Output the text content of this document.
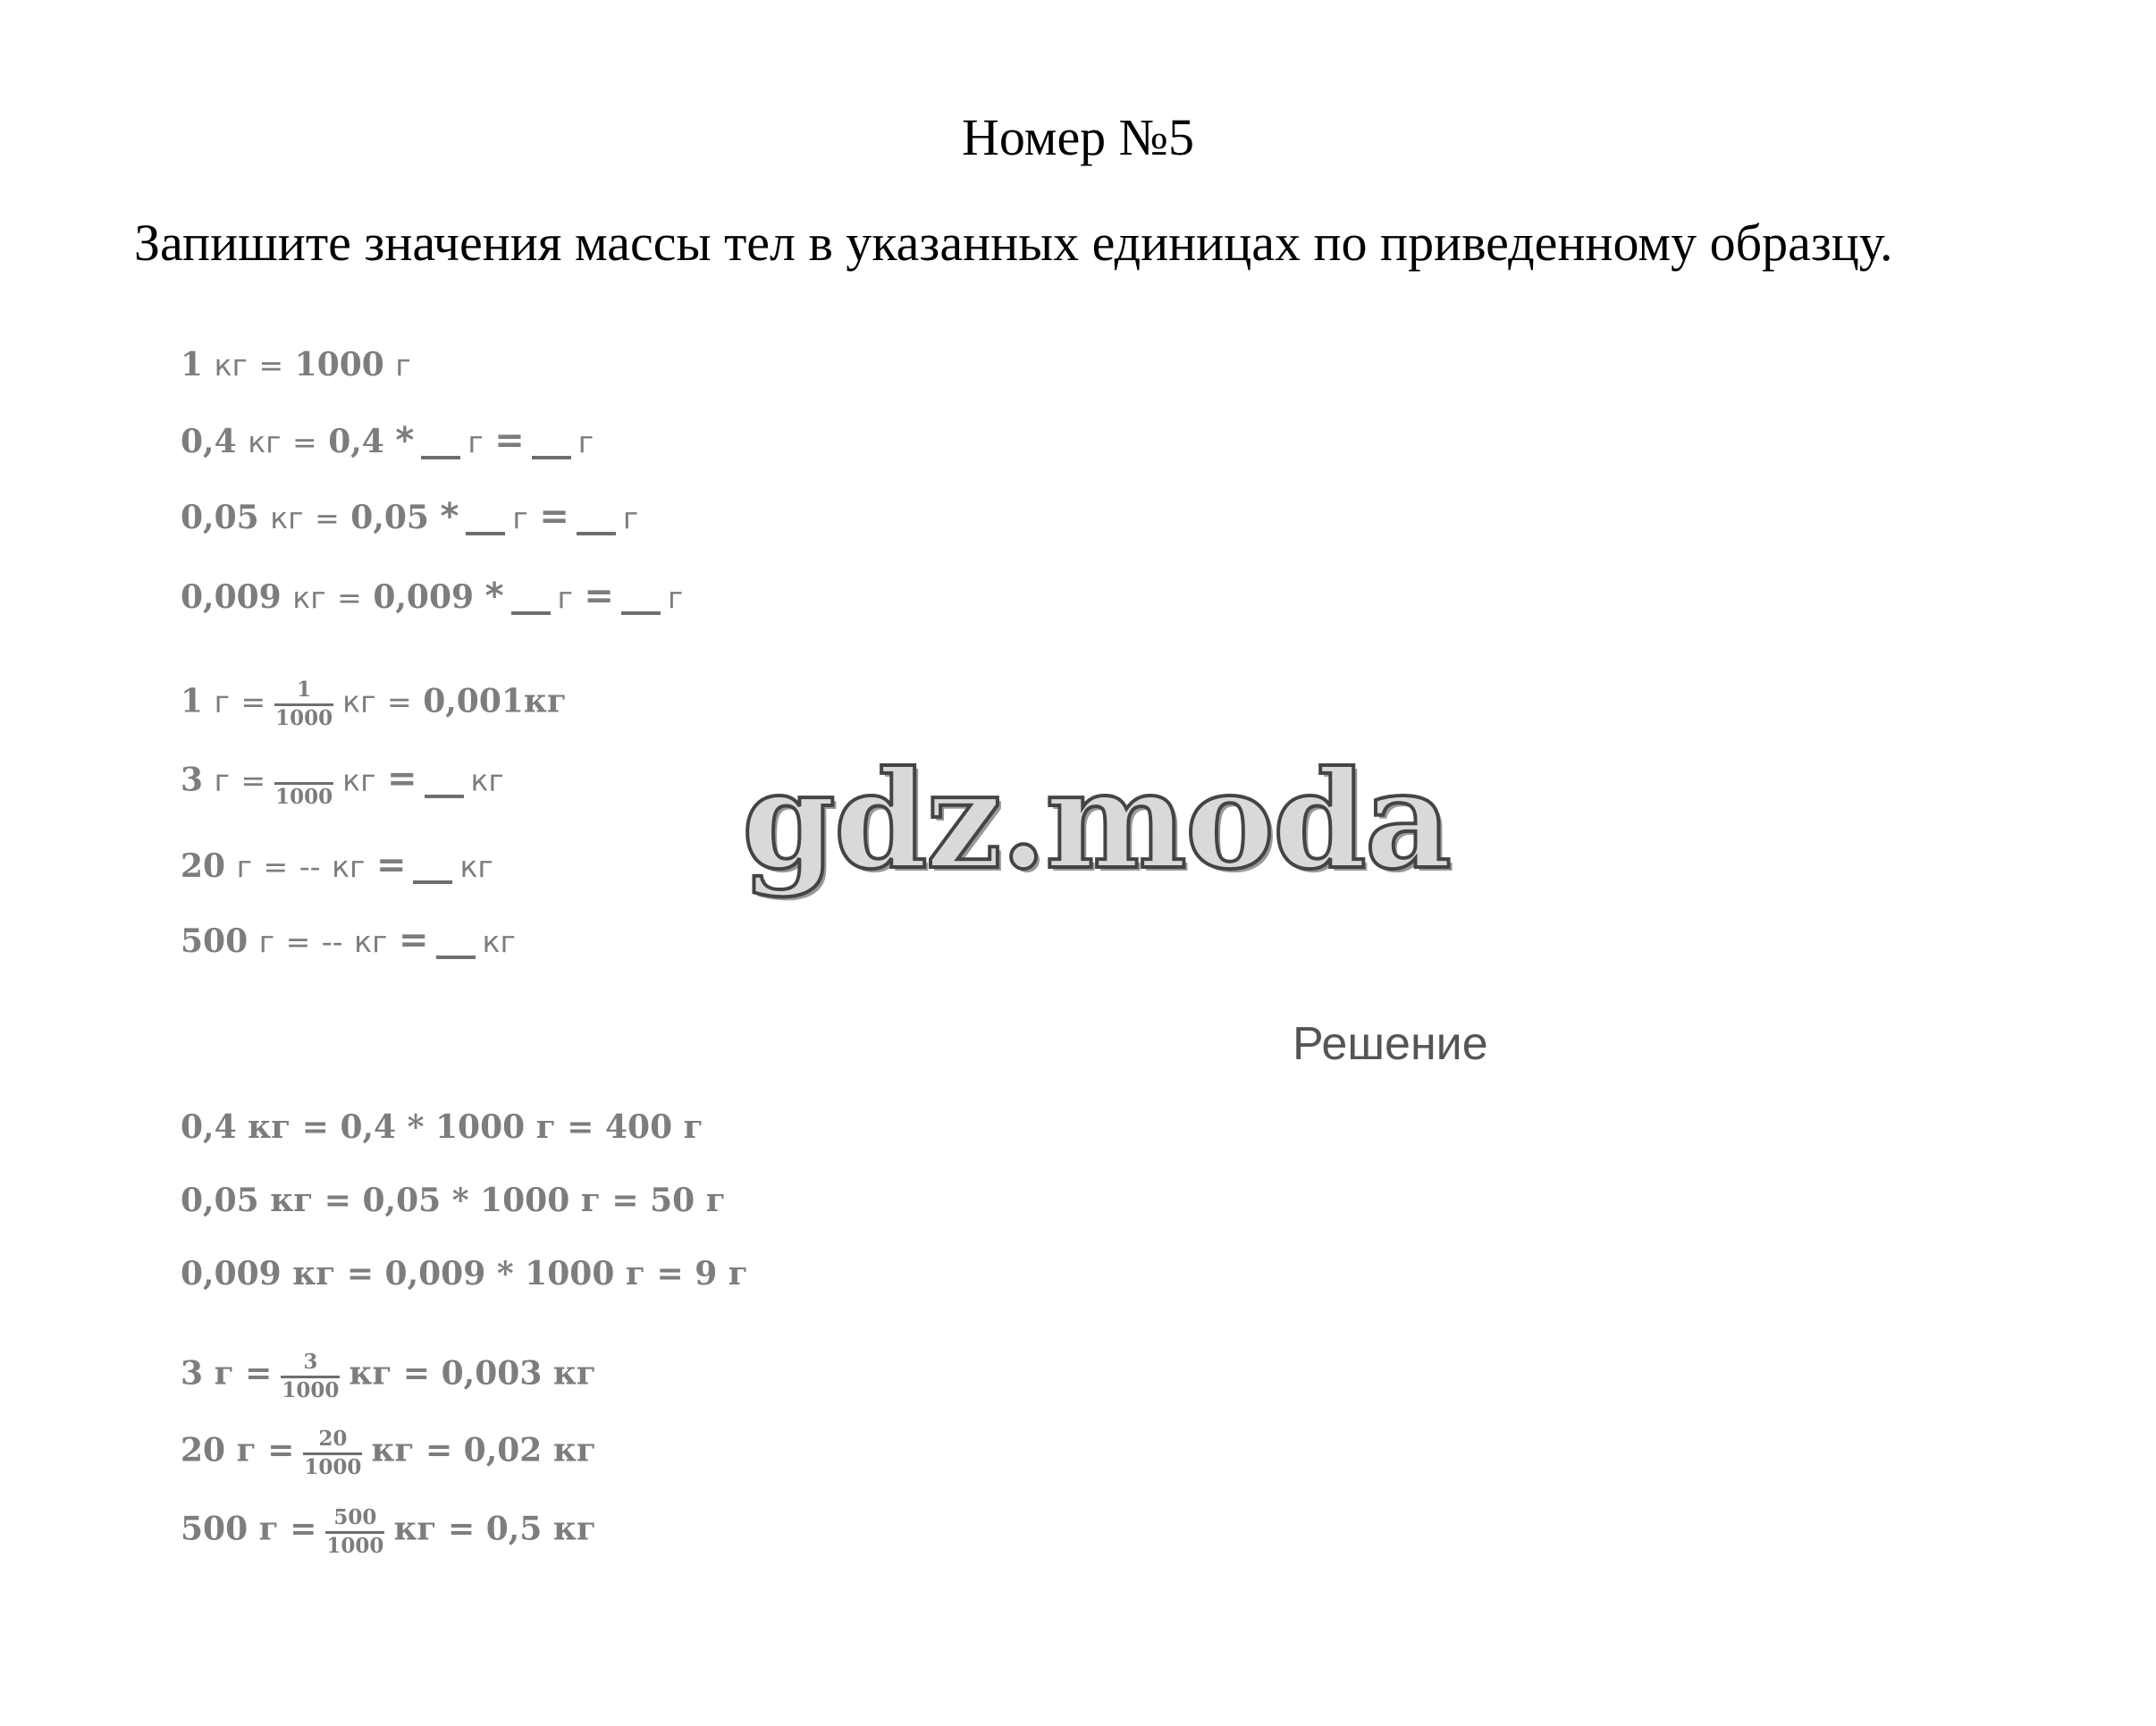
Номер №5
Запишите значения массы тел в указанных единицах по приведенному образцу.
1 кг = 1000 г
0,4 кг = 0,4 * г = г
0,05 кг = 0,05 * г = г
0,009 кг = 0,009 * г = г
1 $г = \frac{1}{1000}$ кг = 0,001кг
3 г = 1000 кг = кг
20 г = -- кг = кг
500 г = -- кг = кг
gdz.moda
Решение
0,4 кг = 0,4 * 1000 г = 400 г
0,05 кг = 0,05 * 1000 г = 50 г
0,009 кг = 0,009 * 1000 г = 9 г
3 $г = \frac{3}{1000}$ кг = 0,003 кг
20 $г = \frac{20}{1000}$ кг = 0,02 кг
500 $г = \frac{500}{1000}$ кг = 0,5 кг
